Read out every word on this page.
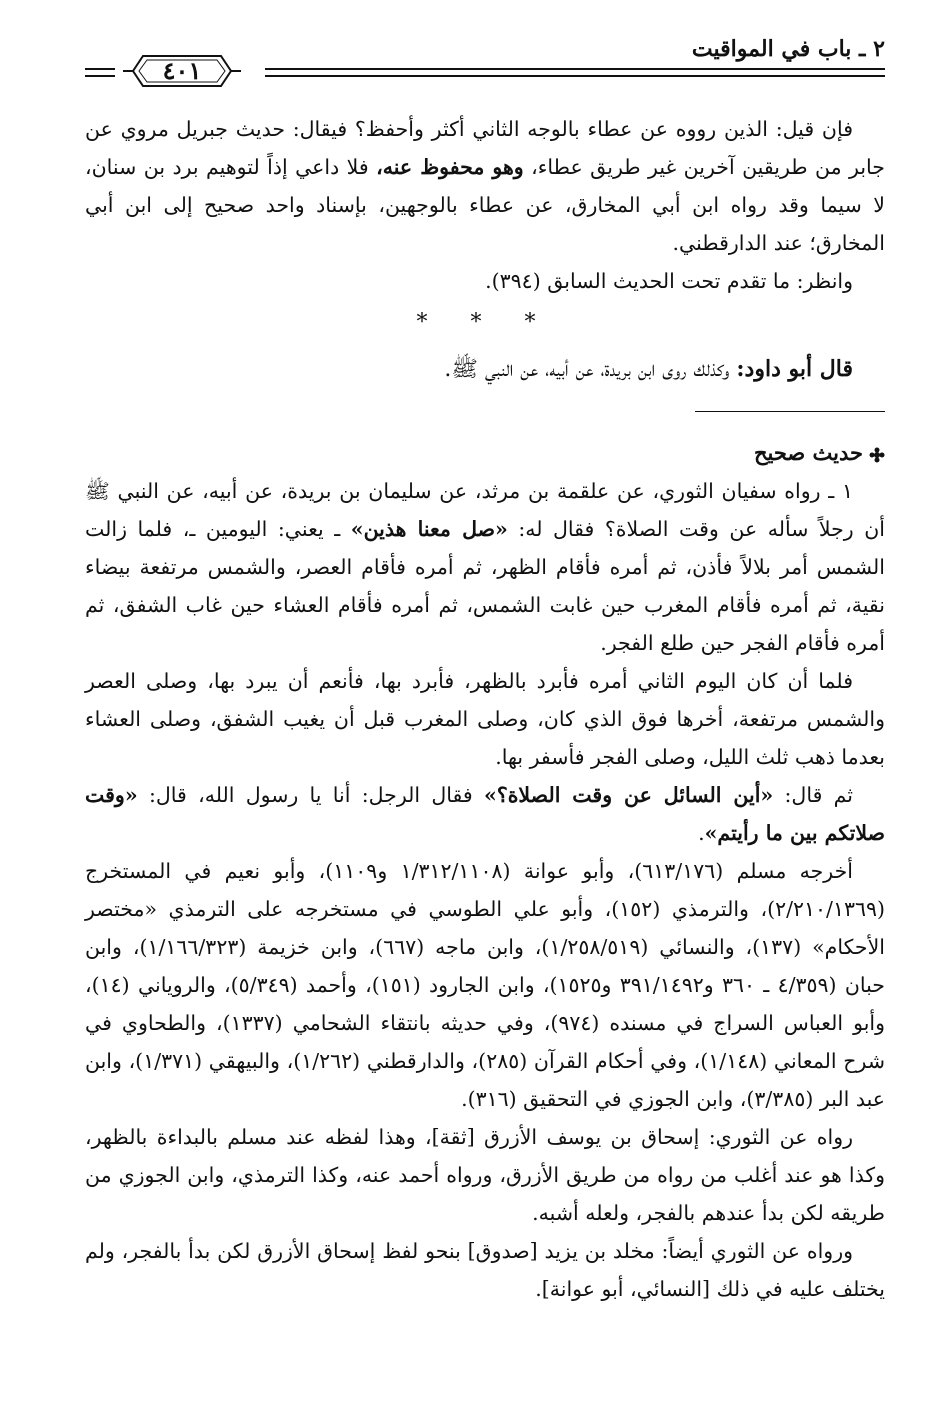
٢ ـ باب في المواقيت
٤٠١

فإن قيل: الذين رووه عن عطاء بالوجه الثاني أكثر وأحفظ؟ فيقال: حديث جبريل مروي عن جابر من طريقين آخرين غير طريق عطاء، وهو محفوظ عنه، فلا داعي إذاً لتوهيم برد بن سنان، لا سيما وقد رواه ابن أبي المخارق، عن عطاء بالوجهين، بإسناد واحد صحيح إلى ابن أبي المخارق؛ عند الدارقطني.

وانظر: ما تقدم تحت الحديث السابق (٣٩٤).

* * *

قال أبو داود: وكذلك روى ابن بريدة، عن أبيه، عن النبي ﷺ.

حديث صحيح

١ ـ رواه سفيان الثوري، عن علقمة بن مرثد، عن سليمان بن بريدة، عن أبيه، عن النبي ﷺ أن رجلاً سأله عن وقت الصلاة؟ فقال له: «صل معنا هذين» ـ يعني: اليومين ـ، فلما زالت الشمس أمر بلالاً فأذن، ثم أمره فأقام الظهر، ثم أمره فأقام العصر، والشمس مرتفعة بيضاء نقية، ثم أمره فأقام المغرب حين غابت الشمس، ثم أمره فأقام العشاء حين غاب الشفق، ثم أمره فأقام الفجر حين طلع الفجر.

فلما أن كان اليوم الثاني أمره فأبرد بالظهر، فأبرد بها، فأنعم أن يبرد بها، وصلى العصر والشمس مرتفعة، أخرها فوق الذي كان، وصلى المغرب قبل أن يغيب الشفق، وصلى العشاء بعدما ذهب ثلث الليل، وصلى الفجر فأسفر بها.

ثم قال: «أين السائل عن وقت الصلاة؟» فقال الرجل: أنا يا رسول الله، قال: «وقت صلاتكم بين ما رأيتم».

أخرجه مسلم (٦١٣/١٧٦)، وأبو عوانة (١/٣١٢/١١٠٨ و١١٠٩)، وأبو نعيم في المستخرج (٢/٢١٠/١٣٦٩)، والترمذي (١٥٢)، وأبو علي الطوسي في مستخرجه على الترمذي «مختصر الأحكام» (١٣٧)، والنسائي (١/٢٥٨/٥١٩)، وابن ماجه (٦٦٧)، وابن خزيمة (١/١٦٦/٣٢٣)، وابن حبان (٤/٣٥٩ ـ ٣٦٠ و٣٩١/١٤٩٢ و١٥٢٥)، وابن الجارود (١٥١)، وأحمد (٥/٣٤٩)، والروياني (١٤)، وأبو العباس السراج في مسنده (٩٧٤)، وفي حديثه بانتقاء الشحامي (١٣٣٧)، والطحاوي في شرح المعاني (١/١٤٨)، وفي أحكام القرآن (٢٨٥)، والدارقطني (١/٢٦٢)، والبيهقي (١/٣٧١)، وابن عبد البر (٣/٣٨٥)، وابن الجوزي في التحقيق (٣١٦).

رواه عن الثوري: إسحاق بن يوسف الأزرق [ثقة]، وهذا لفظه عند مسلم بالبداءة بالظهر، وكذا هو عند أغلب من رواه من طريق الأزرق، ورواه أحمد عنه، وكذا الترمذي، وابن الجوزي من طريقه لكن بدأ عندهم بالفجر، ولعله أشبه.

ورواه عن الثوري أيضاً: مخلد بن يزيد [صدوق] بنحو لفظ إسحاق الأزرق لكن بدأ بالفجر، ولم يختلف عليه في ذلك [النسائي، أبو عوانة].
